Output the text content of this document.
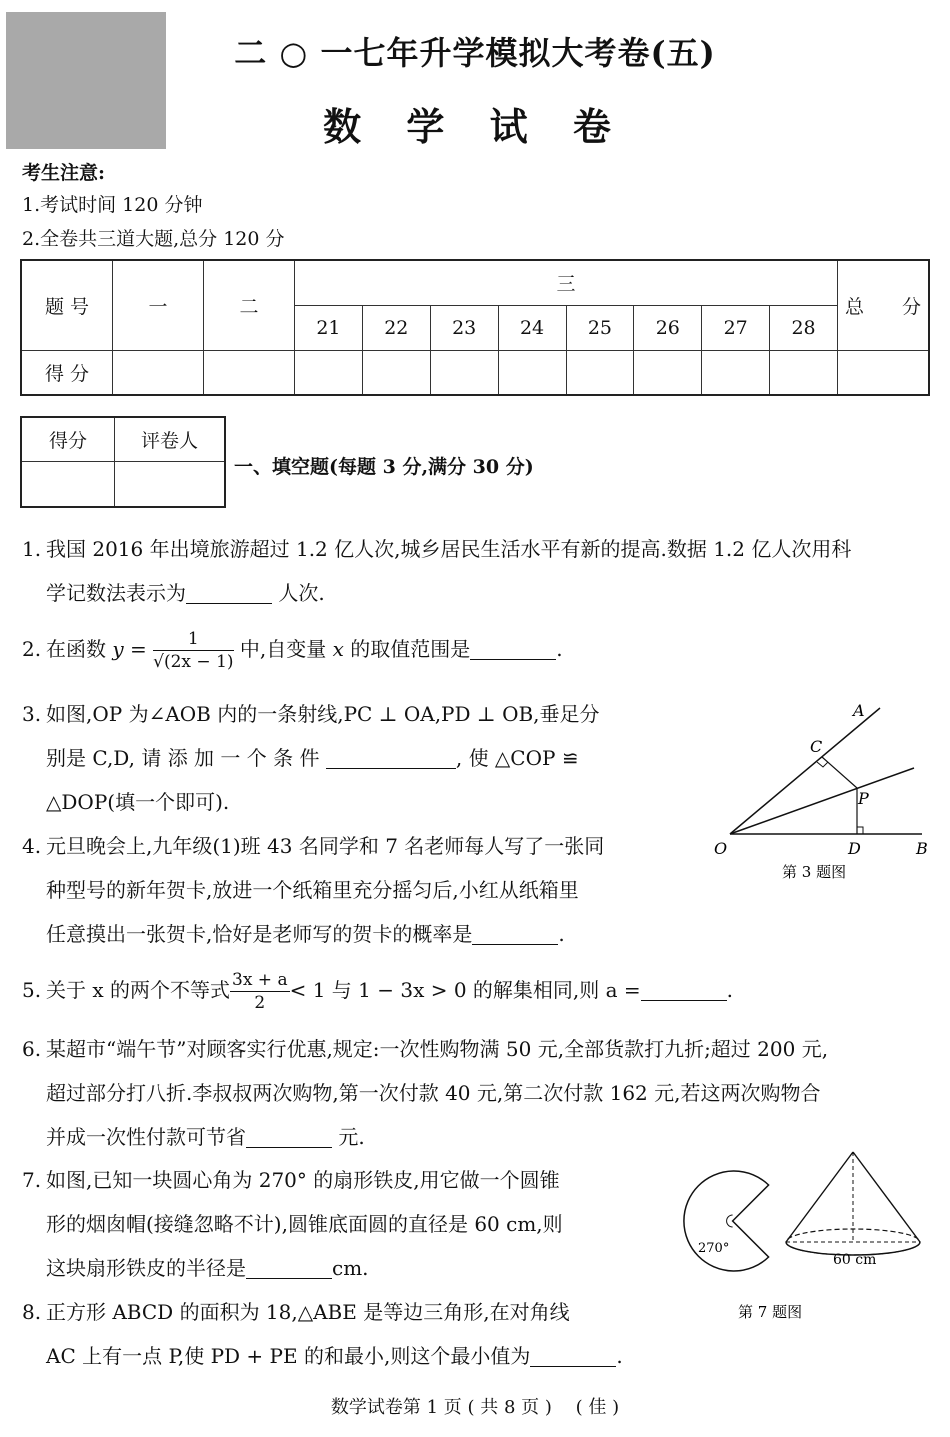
二 ○ 一七年升学模拟大考卷(五)
数 学 试 卷
考生注意:
1.考试时间 120 分钟
2.全卷共三道大题,总分 120 分
题 号	一	二	三								总　　分
			21	22	23	24	25	26	27	28	
得 分											
得分	评卷人

一、填空题(每题 3 分,满分 30 分)
1. 我国 2016 年出境旅游超过 1.2 亿人次,城乡居民生活水平有新的提高.数据 1.2 亿人次用科
学记数法表示为	人次.
2. 在函数 $y = \frac{1}{√(2x - 1)}$ 中,自变量 x 的取值范围是	.
3. 如图,OP 为∠AOB 内的一条射线,PC ⊥ OA,PD ⊥ OB,垂足分
别是 C,D, 请 添 加 一 个 条 件	, 使 △COP ≌
△DOP(填一个即可).
A
C
P
O	D	B
第 3 题图
4. 元旦晚会上,九年级(1)班 43 名同学和 7 名老师每人写了一张同
种型号的新年贺卡,放进一个纸箱里充分摇匀后,小红从纸箱里
任意摸出一张贺卡,恰好是老师写的贺卡的概率是	.
5. 关于 x 的两个不等式 $\frac{3x + a}{2} < 1$ 与 1 − 3x > 0 的解集相同,则 a =	.
6. 某超市“端午节”对顾客实行优惠,规定:一次性购物满 50 元,全部货款打九折;超过 200 元,
超过部分打八折.李叔叔两次购物,第一次付款 40 元,第二次付款 162 元,若这两次购物合
并成一次性付款可节省	元.
7. 如图,已知一块圆心角为 270° 的扇形铁皮,用它做一个圆锥
形的烟囱帽(接缝忽略不计),圆锥底面圆的直径是 60 cm,则
这块扇形铁皮的半径是	cm.
270°
60 cm
第 7 题图
8. 正方形 ABCD 的面积为 18,△ABE 是等边三角形,在对角线
AC 上有一点 P,使 PD + PE 的和最小,则这个最小值为	.
数学试卷第 1 页 ( 共 8 页 )　 ( 佳 )
